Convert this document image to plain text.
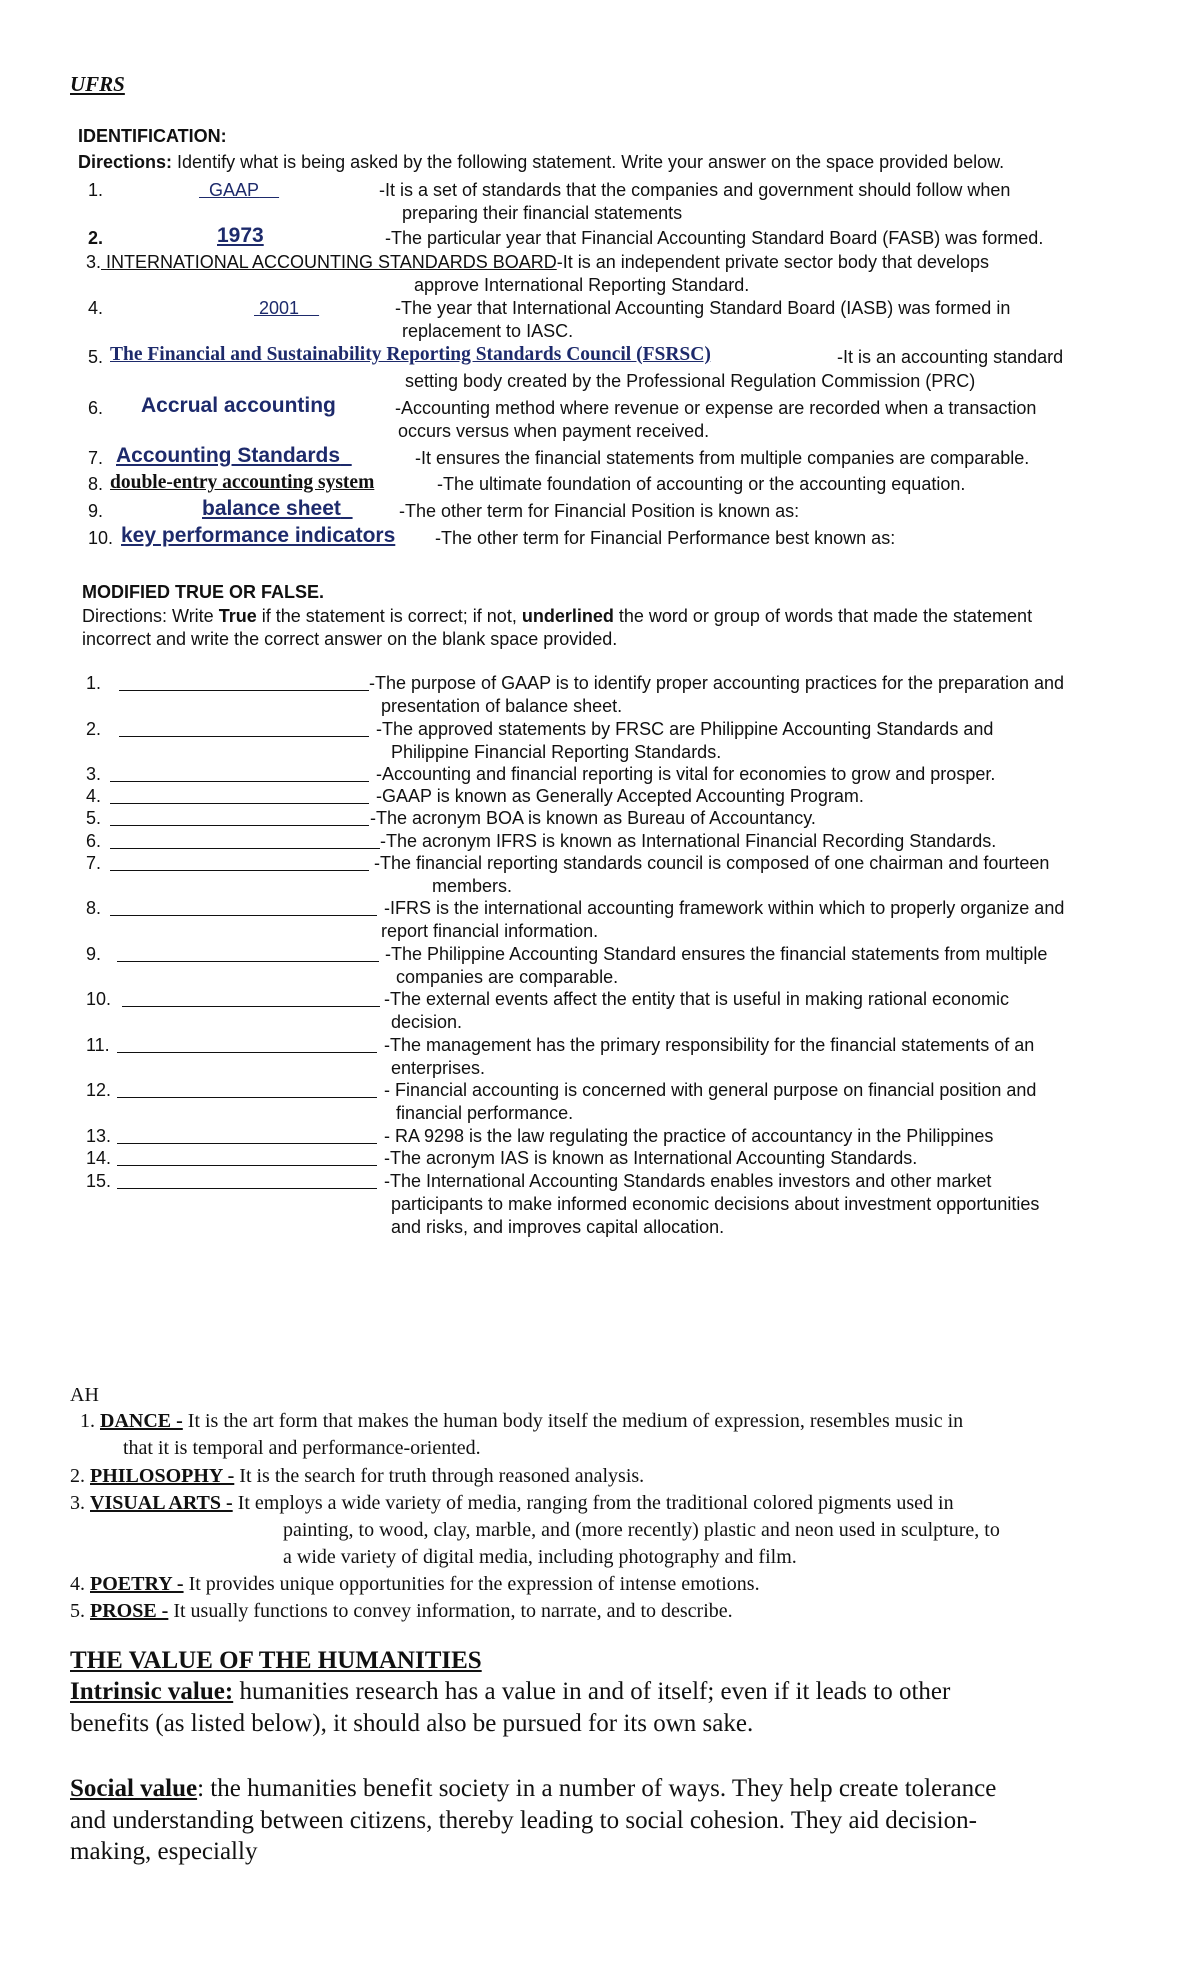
UFRS
IDENTIFICATION:
Directions: Identify what is being asked by the following statement. Write your answer on the space provided below.
1.	GAAP	-It is a set of standards that the companies and government should follow when
preparing their financial statements
2.	1973	-The particular year that Financial Accounting Standard Board (FASB) was formed.
3. INTERNATIONAL ACCOUNTING STANDARDS BOARD-It is an independent private sector body that develops
approve International Reporting Standard.
4.	2001	-The year that International Accounting Standard Board (IASB) was formed in
replacement to IASC.
5. The Financial and Sustainability Reporting Standards Council (FSRSC)	-It is an accounting standard
setting body created by the Professional Regulation Commission (PRC)
6. Accrual accounting	-Accounting method where revenue or expense are recorded when a transaction
occurs versus when payment received.
7. Accounting Standards	-It ensures the financial statements from multiple companies are comparable.
8. double-entry accounting system	-The ultimate foundation of accounting or the accounting equation.
9.	balance sheet	-The other term for Financial Position is known as:
10. key performance indicators -The other term for Financial Performance best known as:
MODIFIED TRUE OR FALSE.
Directions: Write True if the statement is correct; if not, underlined the word or group of words that made the statement
incorrect and write the correct answer on the blank space provided.
1.	-The purpose of GAAP is to identify proper accounting practices for the preparation and
presentation of balance sheet.
2.	-The approved statements by FRSC are Philippine Accounting Standards and
Philippine Financial Reporting Standards.
3.	-Accounting and financial reporting is vital for economies to grow and prosper.
4.	-GAAP is known as Generally Accepted Accounting Program.
5.	-The acronym BOA is known as Bureau of Accountancy.
6.	-The acronym IFRS is known as International Financial Recording Standards.
7.	-The financial reporting standards council is composed of one chairman and fourteen
members.
8.	-IFRS is the international accounting framework within which to properly organize and
report financial information.
9.	-The Philippine Accounting Standard ensures the financial statements from multiple
companies are comparable.
10.	-The external events affect the entity that is useful in making rational economic
decision.
11.	-The management has the primary responsibility for the financial statements of an
enterprises.
12.	- Financial accounting is concerned with general purpose on financial position and
financial performance.
13.	- RA 9298 is the law regulating the practice of accountancy in the Philippines
14.	-The acronym IAS is known as International Accounting Standards.
15.	-The International Accounting Standards enables investors and other market
participants to make informed economic decisions about investment opportunities
and risks, and improves capital allocation.
AH
1. DANCE - It is the art form that makes the human body itself the medium of expression, resembles music in
that it is temporal and performance-oriented.
2. PHILOSOPHY - It is the search for truth through reasoned analysis.
3. VISUAL ARTS - It employs a wide variety of media, ranging from the traditional colored pigments used in
painting, to wood, clay, marble, and (more recently) plastic and neon used in sculpture, to
a wide variety of digital media, including photography and film.
4. POETRY - It provides unique opportunities for the expression of intense emotions.
5. PROSE - It usually functions to convey information, to narrate, and to describe.
THE VALUE OF THE HUMANITIES
Intrinsic value: humanities research has a value in and of itself; even if it leads to other
benefits (as listed below), it should also be pursued for its own sake.
Social value: the humanities benefit society in a number of ways. They help create tolerance
and understanding between citizens, thereby leading to social cohesion. They aid decision-
making, especially
